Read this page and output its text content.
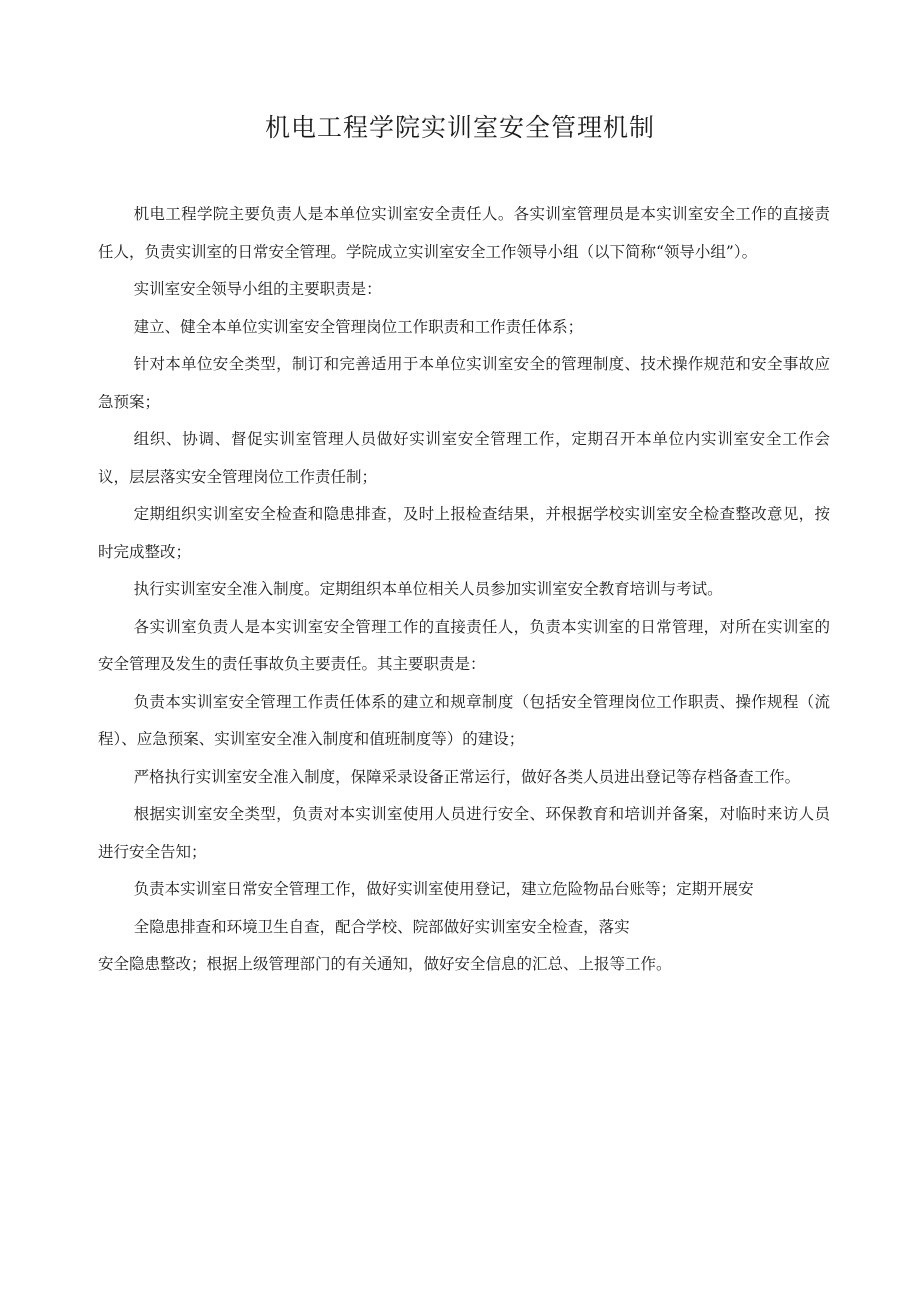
机电工程学院实训室安全管理机制

机电工程学院主要负责人是本单位实训室安全责任人。各实训室管理员是本实训室安全工作的直接责任人，负责实训室的日常安全管理。学院成立实训室安全工作领导小组（以下简称“领导小组”）。

实训室安全领导小组的主要职责是：

建立、健全本单位实训室安全管理岗位工作职责和工作责任体系；

针对本单位安全类型，制订和完善适用于本单位实训室安全的管理制度、技术操作规范和安全事故应急预案；

组织、协调、督促实训室管理人员做好实训室安全管理工作，定期召开本单位内实训室安全工作会议，层层落实安全管理岗位工作责任制；

定期组织实训室安全检查和隐患排查，及时上报检查结果，并根据学校实训室安全检查整改意见，按时完成整改；

执行实训室安全准入制度。定期组织本单位相关人员参加实训室安全教育培训与考试。

各实训室负责人是本实训室安全管理工作的直接责任人，负责本实训室的日常管理，对所在实训室的安全管理及发生的责任事故负主要责任。其主要职责是：

负责本实训室安全管理工作责任体系的建立和规章制度（包括安全管理岗位工作职责、操作规程（流程）、应急预案、实训室安全准入制度和值班制度等）的建设；

严格执行实训室安全准入制度，保障采录设备正常运行，做好各类人员进出登记等存档备查工作。

根据实训室安全类型，负责对本实训室使用人员进行安全、环保教育和培训并备案，对临时来访人员进行安全告知；

负责本实训室日常安全管理工作，做好实训室使用登记，建立危险物品台账等；定期开展安

全隐患排查和环境卫生自查，配合学校、院部做好实训室安全检查，落实

安全隐患整改；根据上级管理部门的有关通知，做好安全信息的汇总、上报等工作。
